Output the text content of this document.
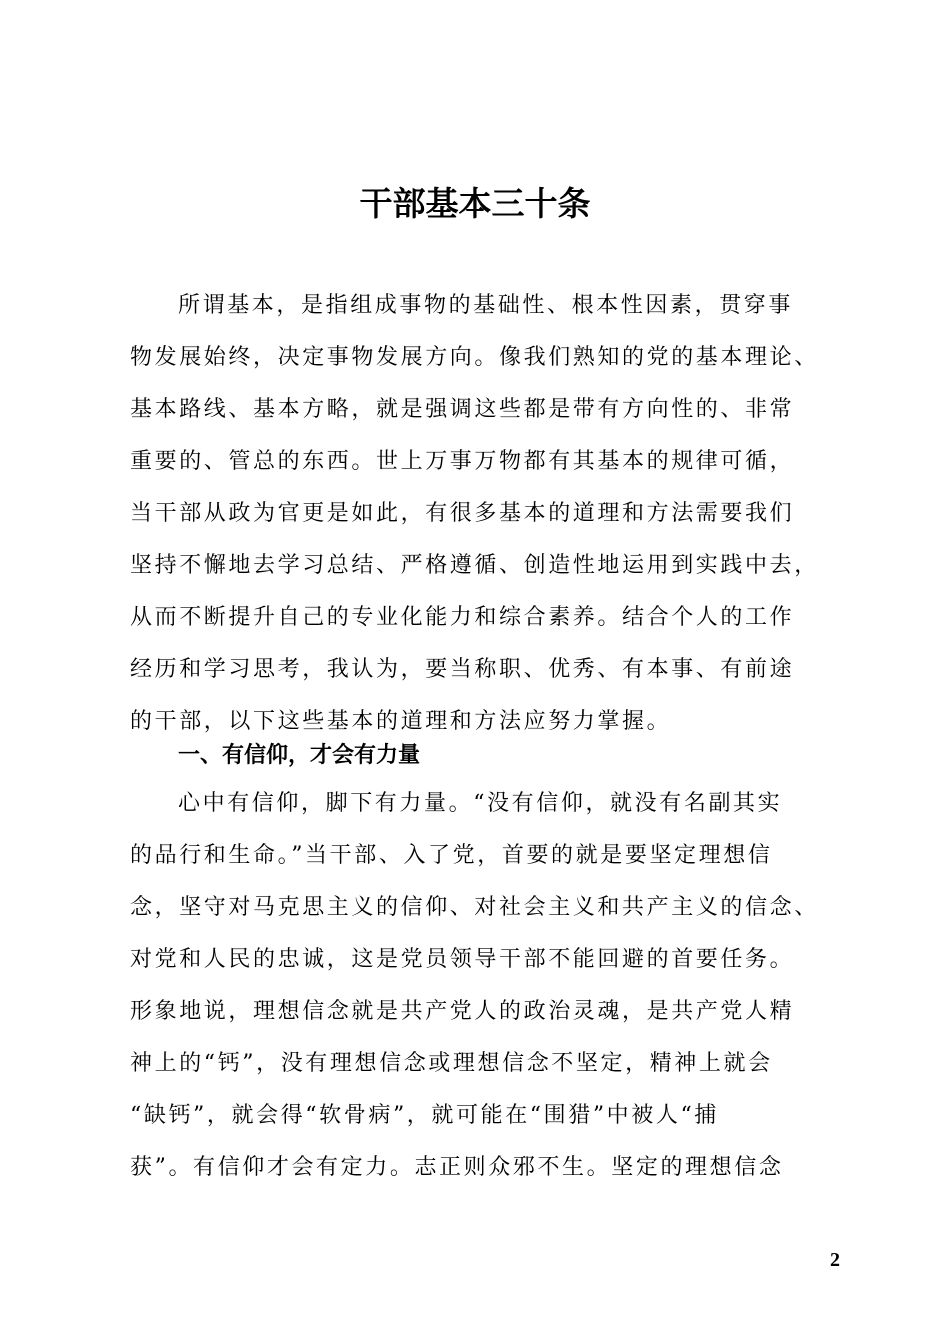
干部基本三十条
所谓基本，是指组成事物的基础性、根本性因素，贯穿事
物发展始终，决定事物发展方向。像我们熟知的党的基本理论、
基本路线、基本方略，就是强调这些都是带有方向性的、非常
重要的、管总的东西。世上万事万物都有其基本的规律可循，
当干部从政为官更是如此，有很多基本的道理和方法需要我们
坚持不懈地去学习总结、严格遵循、创造性地运用到实践中去，
从而不断提升自己的专业化能力和综合素养。结合个人的工作
经历和学习思考，我认为，要当称职、优秀、有本事、有前途
的干部，以下这些基本的道理和方法应努力掌握。
一、有信仰，才会有力量
心中有信仰，脚下有力量。“没有信仰，就没有名副其实
的品行和生命。”当干部、入了党，首要的就是要坚定理想信
念，坚守对马克思主义的信仰、对社会主义和共产主义的信念、
对党和人民的忠诚，这是党员领导干部不能回避的首要任务。
形象地说，理想信念就是共产党人的政治灵魂，是共产党人精
神上的“钙”，没有理想信念或理想信念不坚定，精神上就会
“缺钙”，就会得“软骨病”，就可能在“围猎”中被人“捕
获”。有信仰才会有定力。志正则众邪不生。坚定的理想信念
2
